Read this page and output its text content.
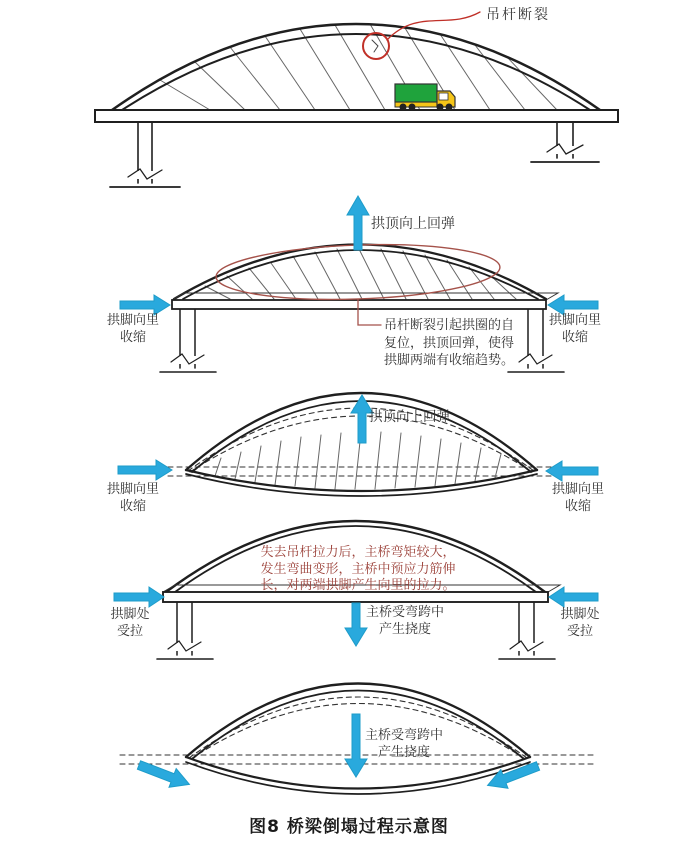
吊杆断裂
拱顶向上回弹
拱脚向里
收缩
拱脚向里
收缩
吊杆断裂引起拱圈的自
复位，拱顶回弹，使得
拱脚两端有收缩趋势。
拱顶向上回弹
拱脚向里
收缩
拱脚向里
收缩
失去吊杆拉力后，主桥弯矩较大，
发生弯曲变形，主桥中预应力筋伸
长，对两端拱脚产生向里的拉力。
主桥受弯跨中
产生挠度
拱脚处
受拉
拱脚处
受拉
主桥受弯跨中
产生挠度
图8 桥梁倒塌过程示意图
